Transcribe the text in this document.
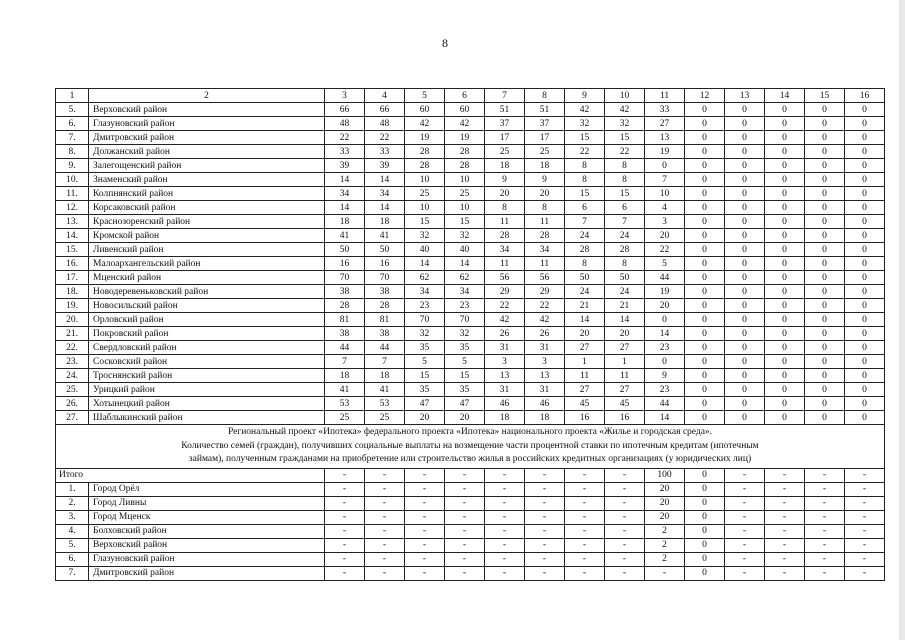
8
1	2	3	4	5	6	7	8	9	10	11	12	13	14	15	16
5.	Верховский район	66	66	60	60	51	51	42	42	33	0	0	0	0	0
6.	Глазуновский район	48	48	42	42	37	37	32	32	27	0	0	0	0	0
7.	Дмитровский район	22	22	19	19	17	17	15	15	13	0	0	0	0	0
8.	Должанский район	33	33	28	28	25	25	22	22	19	0	0	0	0	0
9.	Залегощенский район	39	39	28	28	18	18	8	8	0	0	0	0	0	0
10.	Знаменский район	14	14	10	10	9	9	8	8	7	0	0	0	0	0
11.	Колпнянский район	34	34	25	25	20	20	15	15	10	0	0	0	0	0
12.	Корсаковский район	14	14	10	10	8	8	6	6	4	0	0	0	0	0
13.	Краснозоренский район	18	18	15	15	11	11	7	7	3	0	0	0	0	0
14.	Кромской район	41	41	32	32	28	28	24	24	20	0	0	0	0	0
15.	Ливенский район	50	50	40	40	34	34	28	28	22	0	0	0	0	0
16.	Малоархангельский район	16	16	14	14	11	11	8	8	5	0	0	0	0	0
17.	Мценский район	70	70	62	62	56	56	50	50	44	0	0	0	0	0
18.	Новодеревеньковский район	38	38	34	34	29	29	24	24	19	0	0	0	0	0
19.	Новосильский район	28	28	23	23	22	22	21	21	20	0	0	0	0	0
20.	Орловский район	81	81	70	70	42	42	14	14	0	0	0	0	0	0
21.	Покровский район	38	38	32	32	26	26	20	20	14	0	0	0	0	0
22.	Свердловский район	44	44	35	35	31	31	27	27	23	0	0	0	0	0
23.	Сосковский район	7	7	5	5	3	3	1	1	0	0	0	0	0	0
24.	Троснянский район	18	18	15	15	13	13	11	11	9	0	0	0	0	0
25.	Урицкий район	41	41	35	35	31	31	27	27	23	0	0	0	0	0
26.	Хотынецкий район	53	53	47	47	46	46	45	45	44	0	0	0	0	0
27.	Шаблыкинский район	25	25	20	20	18	18	16	16	14	0	0	0	0	0

Региональный проект «Ипотека» федерального проекта «Ипотека» национального проекта «Жилье и городская среда».
Количество семей (граждан), получивших социальные выплаты на возмещение части процентной ставки по ипотечным кредитам (ипотечным
займам), полученным гражданами на приобретение или строительство жилья в российских кредитных организациях (у юридических лиц)															

Итого		-	-	-	-	-	-	-	-	100	0	-	-	-	-
1.	Город Орёл	-	-	-	-	-	-	-	-	20	0	-	-	-	-
2.	Город Ливны	-	-	-	-	-	-	-	-	20	0	-	-	-	-
3.	Город Мценск	-	-	-	-	-	-	-	-	20	0	-	-	-	-
4.	Болховский район	-	-	-	-	-	-	-	-	2	0	-	-	-	-
5.	Верховский район	-	-	-	-	-	-	-	-	2	0	-	-	-	-
6.	Глазуновский район	-	-	-	-	-	-	-	-	2	0	-	-	-	-
7.	Дмитровский район	-	-	-	-	-	-	-	-	-	0	-	-	-	-
